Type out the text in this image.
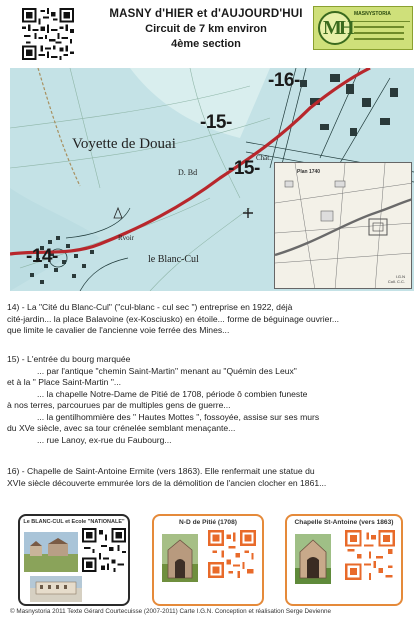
MASNY d'HIER et d'AUJOURD'HUI
Circuit de 7 km environ
4ème section
MH
MASNYSTORIA
-16-
-15-
-15-
-14-
Voyette de Douai
le Blanc-Cul
Rvoir
D. Bd
Chât.
Plan 1740
I.G.N
Coll. C.C.
14) - La "Cité du Blanc-Cul" ("cul-blanc - cul sec ") entreprise en 1922, déjà
cité-jardin... la place Balavoine (ex-Kosciusko) en étoile... forme de béguinage ouvrier...
que limite le cavalier de l'ancienne voie ferrée des Mines...
15) - L'entrée du bourg marquée
... par l'antique "chemin Saint-Martin" menant au "Quémin des Leux"
et à la " Place Saint-Martin "...
... la chapelle Notre-Dame de Pitié de 1708, période ô combien funeste
à nos terres, parcourues par de multiples gens de guerre...
... la gentilhommière des " Hautes Mottes ", fossoyée, assise sur ses murs
du XVe siècle, avec sa tour crénelée semblant menaçante...
... rue Lanoy, ex-rue du Faubourg...
16) - Chapelle de Saint-Antoine Ermite (vers 1863). Elle renfermait une statue du
XVIe siècle découverte emmurée lors de la démolition de l'ancien clocher en 1861...
Le BLANC-CUL et Ecole "NATIONALE"	N-D de Pitié (1708)	Chapelle St-Antoine (vers 1863)
© Masnystoria 2011 Texte Gérard Courtecuisse (2007-2011) Carte I.G.N. Conception et réalisation Serge Devienne
